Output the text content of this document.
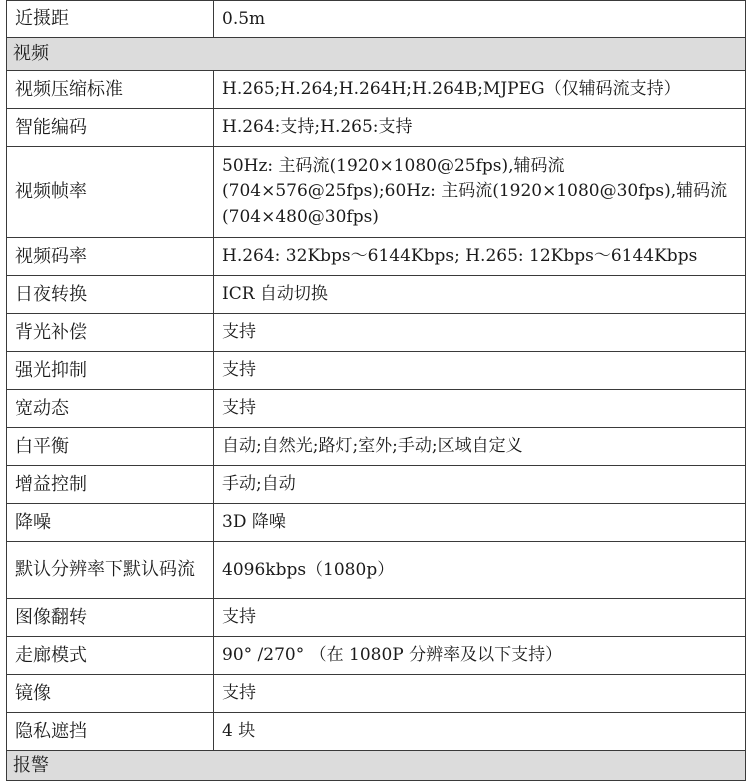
近摄距	0.5m
视频	
视频压缩标准	H.265;H.264;H.264H;H.264B;MJPEG（仅辅码流支持）
智能编码	H.264:支持;H.265:支持
视频帧率	50Hz: 主码流(1920×1080@25fps),辅码流(704×576@25fps);60Hz: 主码流(1920×1080@30fps),辅码流(704×480@30fps)
视频码率	H.264: 32Kbps～6144Kbps; H.265: 12Kbps～6144Kbps
日夜转换	ICR 自动切换
背光补偿	支持
强光抑制	支持
宽动态	支持
白平衡	自动;自然光;路灯;室外;手动;区域自定义
增益控制	手动;自动
降噪	3D 降噪
默认分辨率下默认码流	4096kbps（1080p）
图像翻转	支持
走廊模式	90° /270° （在 1080P 分辨率及以下支持）
镜像	支持
隐私遮挡	4 块
报警	
